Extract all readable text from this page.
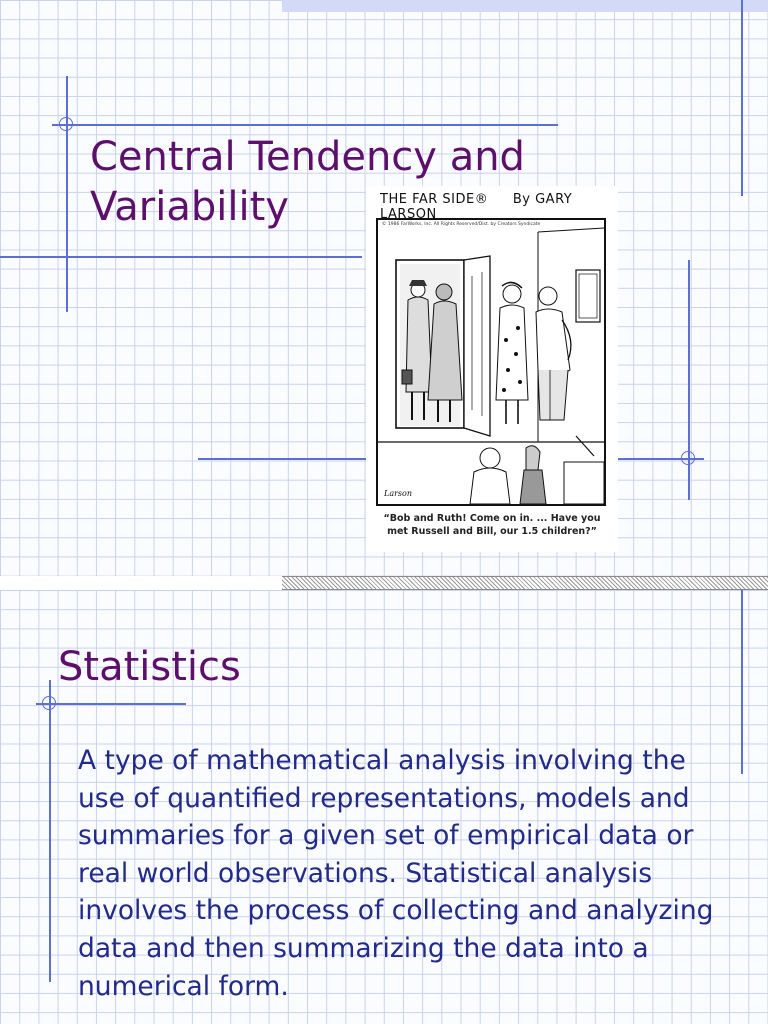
Central Tendency and Variability	THE FAR SIDE® By GARY LARSON
© 1986 FarWorks, Inc. All Rights Reserved/Dist. by Creators Syndicate
Larson
“Bob and Ruth! Come on in. ... Have you met Russell and Bill, our 1.5 children?”
Statistics

A type of mathematical analysis involving the use of quantified representations, models and summaries for a given set of empirical data or real world observations. Statistical analysis involves the process of collecting and analyzing data and then summarizing the data into a numerical form.
